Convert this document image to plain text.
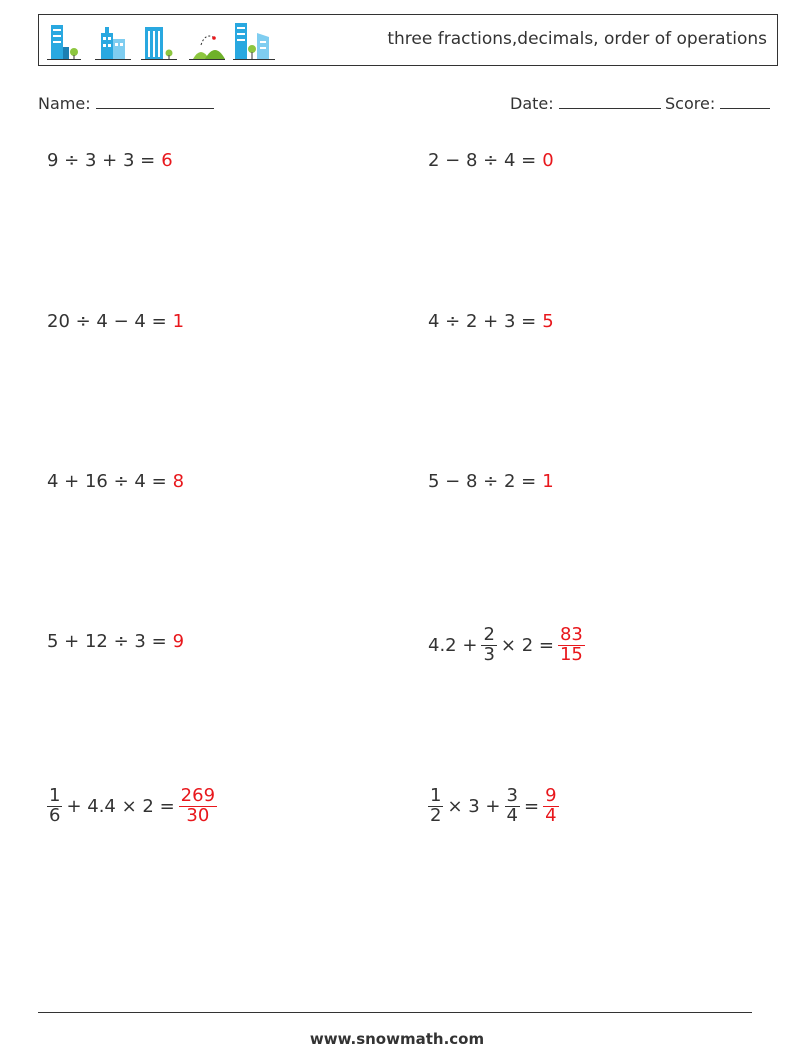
three fractions,decimals, order of operations
Name:	Date:	Score:
9 ÷ 3 + 3 = 6	2 − 8 ÷ 4 = 0
20 ÷ 4 − 4 = 1	4 ÷ 2 + 3 = 5
4 + 16 ÷ 4 = 8	5 − 8 ÷ 2 = 1
5 + 12 ÷ 3 = 9	$4.2 + \frac{2}{3} \times 2 = \frac{83}{15}$
$\frac{1}{6} + 4.4 \times 2 = \frac{269}{30}$	$\frac{1}{2} \times 3 + \frac{3}{4} = \frac{9}{4}$
www.snowmath.com
